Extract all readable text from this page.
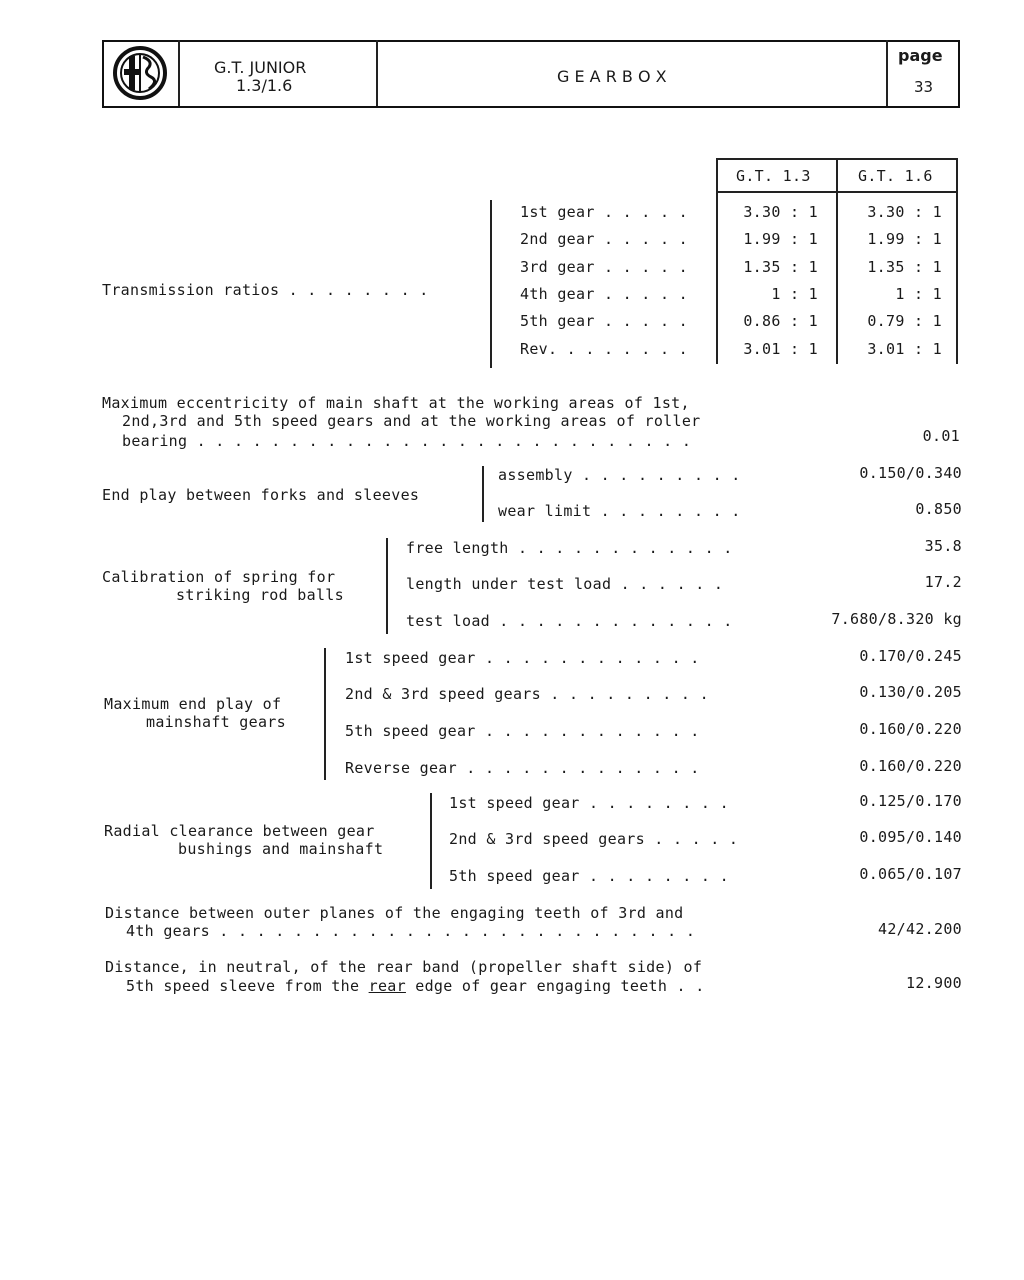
G.T. JUNIOR
1.3/1.6	G E A R B O X
page
33
G.T. 1.3	G.T. 1.6
Transmission ratios . . . . . . . .
1st gear . . . . .	3.30 : 1	3.30 : 1
2nd gear . . . . .	1.99 : 1	1.99 : 1
3rd gear . . . . .	1.35 : 1	1.35 : 1
4th gear . . . . .	1 : 1	1 : 1
5th gear . . . . .	0.86 : 1	0.79 : 1
Rev. . . . . . . .	3.01 : 1	3.01 : 1
Maximum eccentricity of main shaft at the working areas of 1st,
2nd,3rd and 5th speed gears and at the working areas of roller
bearing . . . . . . . . . . . . . . . . . . . . . . . . . . .	0.01
End play between forks and sleeves
assembly . . . . . . . . .	0.150/0.340
wear limit . . . . . . . .	0.850
Calibration of spring for
striking rod balls
free length . . . . . . . . . . . .	35.8
length under test load . . . . . .	17.2
test load . . . . . . . . . . . . .	7.680/8.320 kg
Maximum end play of
mainshaft gears
1st speed gear . . . . . . . . . . . .	0.170/0.245
2nd & 3rd speed gears . . . . . . . . .	0.130/0.205
5th speed gear . . . . . . . . . . . .	0.160/0.220
Reverse gear . . . . . . . . . . . . .	0.160/0.220
Radial clearance between gear
bushings and mainshaft
1st speed gear . . . . . . . .	0.125/0.170
2nd & 3rd speed gears . . . . .	0.095/0.140
5th speed gear . . . . . . . .	0.065/0.107
Distance between outer planes of the engaging teeth of 3rd and
4th gears . . . . . . . . . . . . . . . . . . . . . . . . . .	42/42.200
Distance, in neutral, of the rear band (propeller shaft side) of
5th speed sleeve from the rear edge of gear engaging teeth . .	12.900
